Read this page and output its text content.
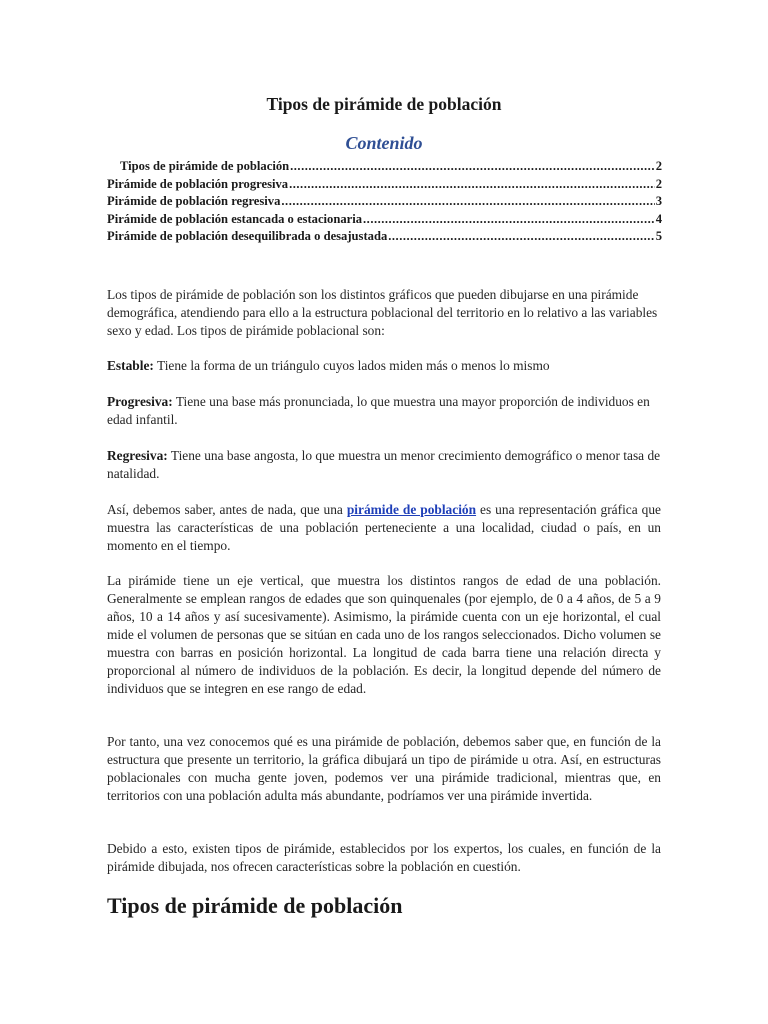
Tipos de pirámide de población
Contenido
Tipos de pirámide de población .....	2
Pirámide de población progresiva .....	2
Pirámide de población regresiva .....	3
Pirámide de población estancada o estacionaria .....	4
Pirámide de población desequilibrada o desajustada .....	5

Los tipos de pirámide de población son los distintos gráficos que pueden dibujarse en una pirámide demográfica, atendiendo para ello a la estructura poblacional del territorio en lo relativo a las variables sexo y edad. Los tipos de pirámide poblacional son:

Estable: Tiene la forma de un triángulo cuyos lados miden más o menos lo mismo

Progresiva: Tiene una base más pronunciada, lo que muestra una mayor proporción de individuos en edad infantil.

Regresiva: Tiene una base angosta, lo que muestra un menor crecimiento demográfico o menor tasa de natalidad.

Así, debemos saber, antes de nada, que una pirámide de población es una representación gráfica que muestra las características de una población perteneciente a una localidad, ciudad o país, en un momento en el tiempo.

La pirámide tiene un eje vertical, que muestra los distintos rangos de edad de una población. Generalmente se emplean rangos de edades que son quinquenales (por ejemplo, de 0 a 4 años, de 5 a 9 años, 10 a 14 años y así sucesivamente). Asimismo, la pirámide cuenta con un eje horizontal, el cual mide el volumen de personas que se sitúan en cada uno de los rangos seleccionados. Dicho volumen se muestra con barras en posición horizontal. La longitud de cada barra tiene una relación directa y proporcional al número de individuos de la población. Es decir, la longitud depende del número de individuos que se integren en ese rango de edad.

Por tanto, una vez conocemos qué es una pirámide de población, debemos saber que, en función de la estructura que presente un territorio, la gráfica dibujará un tipo de pirámide u otra. Así, en estructuras poblacionales con mucha gente joven, podemos ver una pirámide tradicional, mientras que, en territorios con una población adulta más abundante, podríamos ver una pirámide invertida.

Debido a esto, existen tipos de pirámide, establecidos por los expertos, los cuales, en función de la pirámide dibujada, nos ofrecen características sobre la población en cuestión.

Tipos de pirámide de población
